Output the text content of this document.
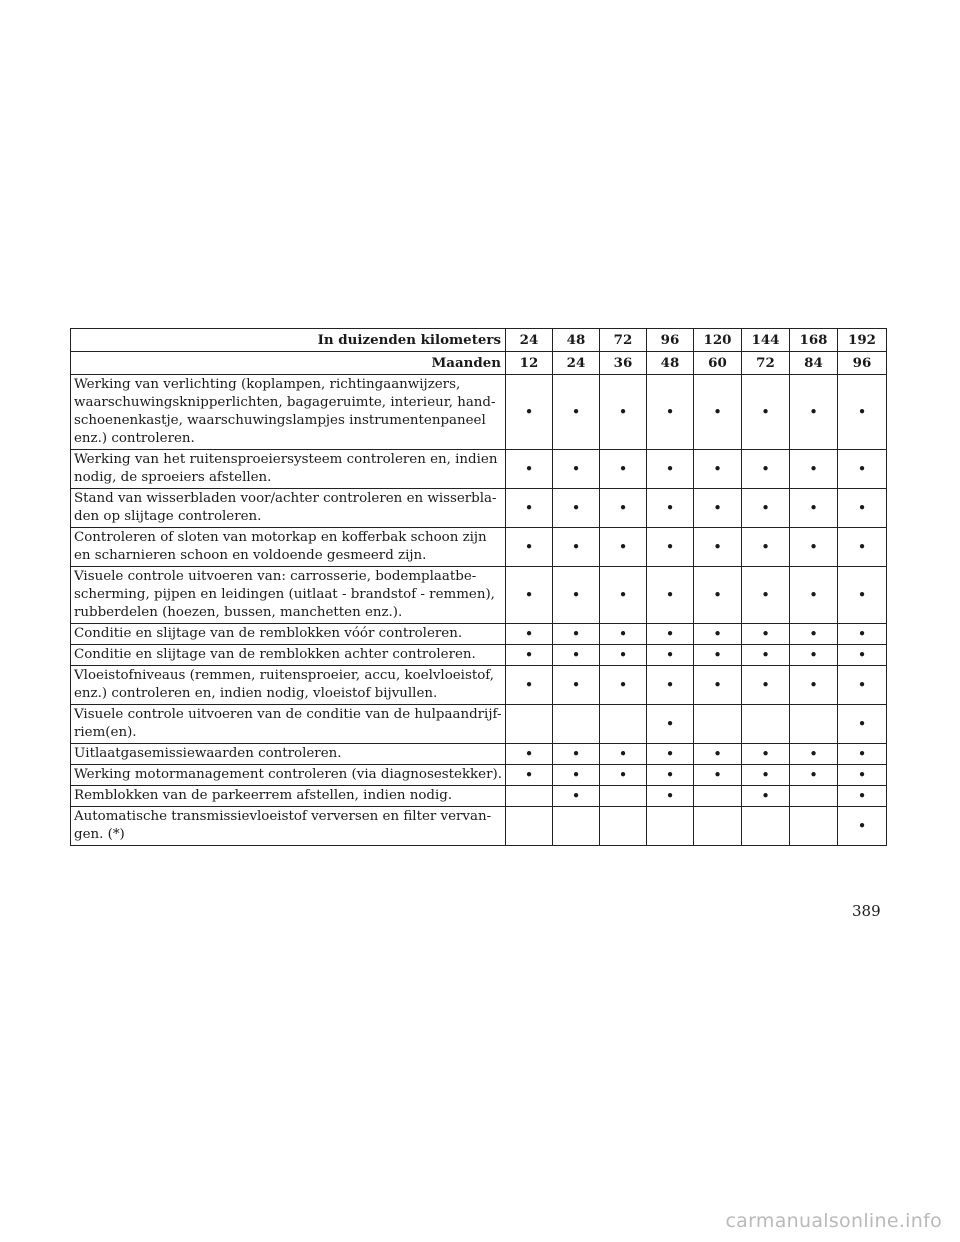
In duizenden kilometers	24	48	72	96	120	144	168	192
Maanden	12	24	36	48	60	72	84	96

Werking van verlichting (koplampen, richtingaanwijzers,
waarschuwingsknipperlichten, bagageruimte, interieur, hand-
schoenenkastje, waarschuwingslampjes instrumentenpaneel
enz.) controleren.	•	•	•	•	•	•	•	•

Werking van het ruitensproeiersysteem controleren en, indien
nodig, de sproeiers afstellen.	•	•	•	•	•	•	•	•

Stand van wisserbladen voor/achter controleren en wisserbla-
den op slijtage controleren.	•	•	•	•	•	•	•	•

Controleren of sloten van motorkap en kofferbak schoon zijn
en scharnieren schoon en voldoende gesmeerd zijn.	•	•	•	•	•	•	•	•

Visuele controle uitvoeren van: carrosserie, bodemplaatbe-
scherming, pijpen en leidingen (uitlaat - brandstof - remmen),
rubberdelen (hoezen, bussen, manchetten enz.).	•	•	•	•	•	•	•	•

Conditie en slijtage van de remblokken vóór controleren.	•	•	•	•	•	•	•	•

Conditie en slijtage van de remblokken achter controleren.	•	•	•	•	•	•	•	•

Vloeistofniveaus (remmen, ruitensproeier, accu, koelvloeistof,
enz.) controleren en, indien nodig, vloeistof bijvullen.	•	•	•	•	•	•	•	•

Visuele controle uitvoeren van de conditie van de hulpaandrijf-
riem(en).				•				•

Uitlaatgasemissiewaarden controleren.	•	•	•	•	•	•	•	•

Werking motormanagement controleren (via diagnosestekker).	•	•	•	•	•	•	•	•

Remblokken van de parkeerrem afstellen, indien nodig.		•		•		•		•

Automatische transmissievloeistof verversen en filter vervan-
gen. (*)								•
389
carmanualsonline.info
